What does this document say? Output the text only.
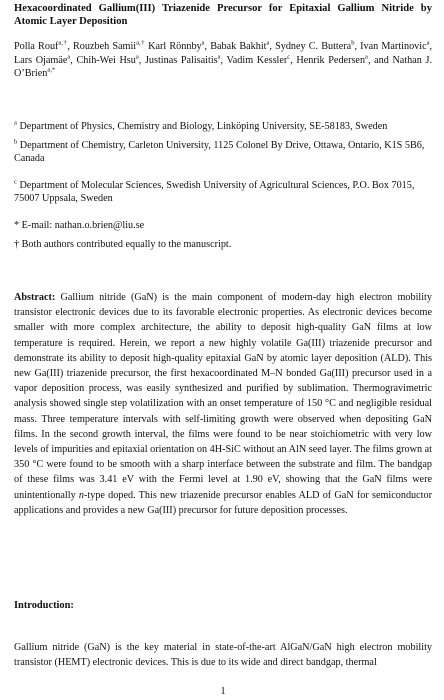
Hexacoordinated Gallium(III) Triazenide Precursor for Epitaxial Gallium Nitride by Atomic Layer Deposition

Polla Rouf$^{a,\dagger}$, Rouzbeh Samii$^{a,\dagger}$ Karl Rönnby$^a$, Babak Bakhit$^a$, Sydney C. Buttera$^b$, Ivan Martinovic$^a$, Lars Ojamäe$^a$, Chih-Wei Hsu$^a$, Justinas Palisaitis$^a$, Vadim Kessler$^c$, Henrik Pedersen$^a$, and Nathan J. O’Brien$^{a,*}$

$^a$ Department of Physics, Chemistry and Biology, Linköping University, SE-58183, Sweden

$^b$ Department of Chemistry, Carleton University, 1125 Colonel By Drive, Ottawa, Ontario, K1S 5B6, Canada

$^c$ Department of Molecular Sciences, Swedish University of Agricultural Sciences, P.O. Box 7015, 75007 Uppsala, Sweden

* E-mail: nathan.o.brien@liu.se

† Both authors contributed equally to the manuscript.

Abstract: Gallium nitride (GaN) is the main component of modern-day high electron mobility transistor electronic devices due to its favorable electronic properties. As electronic devices become smaller with more complex architecture, the ability to deposit high-quality GaN films at low temperature is required. Herein, we report a new highly volatile Ga(III) triazenide precursor and demonstrate its ability to deposit high-quality epitaxial GaN by atomic layer deposition (ALD). This new Ga(III) triazenide precursor, the first hexacoordinated M–N bonded Ga(III) precursor used in a vapor deposition process, was easily synthesized and purified by sublimation. Thermogravimetric analysis showed single step volatilization with an onset temperature of 150 °C and negligible residual mass. Three temperature intervals with self-limiting growth were observed when depositing GaN films. In the second growth interval, the films were found to be near stoichiometric with very low levels of impurities and epitaxial orientation on 4H-SiC without an AlN seed layer. The films grown at 350 °C were found to be smooth with a sharp interface between the substrate and film. The bandgap of these films was 3.41 eV with the Fermi level at 1.90 eV, showing that the GaN films were unintentionally n-type doped. This new triazenide precursor enables ALD of GaN for semiconductor applications and provides a new Ga(III) precursor for future deposition processes.

Introduction:

Gallium nitride (GaN) is the key material in state-of-the-art AlGaN/GaN high electron mobility transistor (HEMT) electronic devices. This is due to its wide and direct bandgap, thermal

1
